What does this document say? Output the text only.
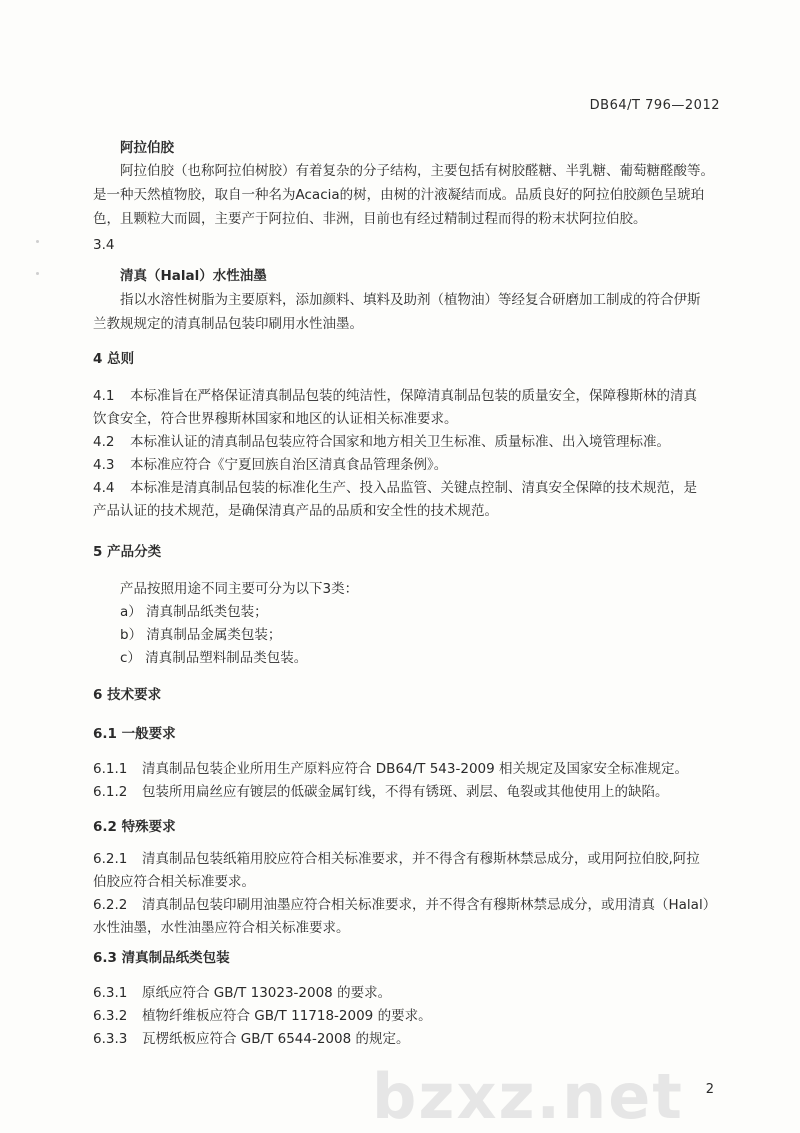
DB64/T 796—2012
阿拉伯胶
阿拉伯胶（也称阿拉伯树胶）有着复杂的分子结构，主要包括有树胶醛糖、半乳糖、葡萄糖醛酸等。
是一种天然植物胶，取自一种名为Acacia的树，由树的汁液凝结而成。品质良好的阿拉伯胶颜色呈琥珀
色，且颗粒大而圆，主要产于阿拉伯、非洲，目前也有经过精制过程而得的粉末状阿拉伯胶。
3.4
清真（Halal）水性油墨
指以水溶性树脂为主要原料，添加颜料、填料及助剂（植物油）等经复合研磨加工制成的符合伊斯
兰教规规定的清真制品包装印刷用水性油墨。
4 总则
4.1 本标准旨在严格保证清真制品包装的纯洁性，保障清真制品包装的质量安全，保障穆斯林的清真
饮食安全，符合世界穆斯林国家和地区的认证相关标准要求。
4.2 本标准认证的清真制品包装应符合国家和地方相关卫生标准、质量标准、出入境管理标准。
4.3 本标准应符合《宁夏回族自治区清真食品管理条例》。
4.4 本标准是清真制品包装的标准化生产、投入品监管、关键点控制、清真安全保障的技术规范，是
产品认证的技术规范，是确保清真产品的品质和安全性的技术规范。
5 产品分类
产品按照用途不同主要可分为以下3类：
a） 清真制品纸类包装；
b） 清真制品金属类包装；
c） 清真制品塑料制品类包装。
6 技术要求
6.1 一般要求
6.1.1 清真制品包装企业所用生产原料应符合 DB64/T 543-2009 相关规定及国家安全标准规定。
6.1.2 包装所用扁丝应有镀层的低碳金属钉线，不得有锈斑、剥层、龟裂或其他使用上的缺陷。
6.2 特殊要求
6.2.1 清真制品包装纸箱用胶应符合相关标准要求，并不得含有穆斯林禁忌成分，或用阿拉伯胶,阿拉
伯胶应符合相关标准要求。
6.2.2 清真制品包装印刷用油墨应符合相关标准要求，并不得含有穆斯林禁忌成分，或用清真（Halal）
水性油墨，水性油墨应符合相关标准要求。
6.3 清真制品纸类包装
6.3.1 原纸应符合 GB/T 13023-2008 的要求。
6.3.2 植物纤维板应符合 GB/T 11718-2009 的要求。
6.3.3 瓦楞纸板应符合 GB/T 6544-2008 的规定。
bzxz.net 2
